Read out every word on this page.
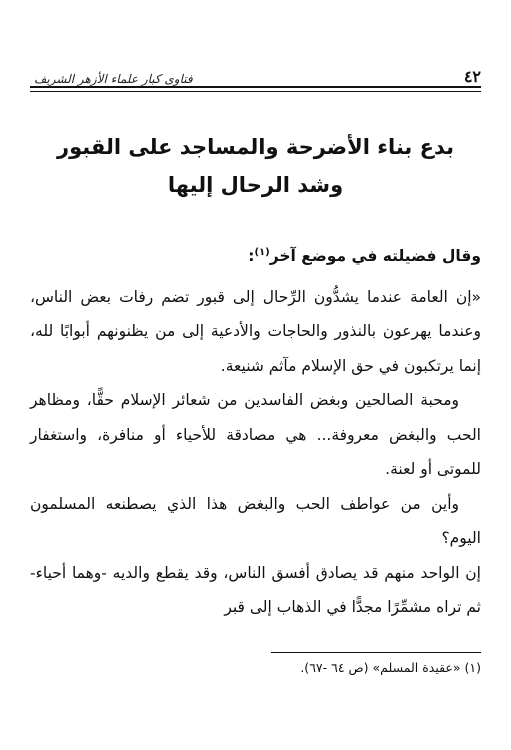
٤٢
فتاوى كبار علماء الأزهر الشريف
بدع بناء الأضرحة والمساجد على القبور
وشد الرحال إليها

وقال فضيلته في موضع آخر$^{(١)}$:

«إن العامة عندما يشدُّون الرِّحال إلى قبور تضم رفات بعض الناس، وعندما يهرعون بالنذور والحاجات والأدعية إلى من يظنونهم أبوابًا لله، إنما يرتكبون في حق الإسلام مآثم شنيعة.

ومحبة الصالحين وبغض الفاسدين من شعائر الإسلام حقًّا، ومظاهر الحب والبغض معروفة... هي مصادقة للأحياء أو منافرة، واستغفار للموتى أو لعنة.

وأين من عواطف الحب والبغض هذا الذي يصطنعه المسلمون اليوم؟

إن الواحد منهم قد يصادق أفسق الناس، وقد يقطع والديه -وهما أحياء- ثم تراه مشمِّرًا مجدًّا في الذهاب إلى قبر

(١) «عقيدة المسلم» (ص ٦٤ -٦٧).
